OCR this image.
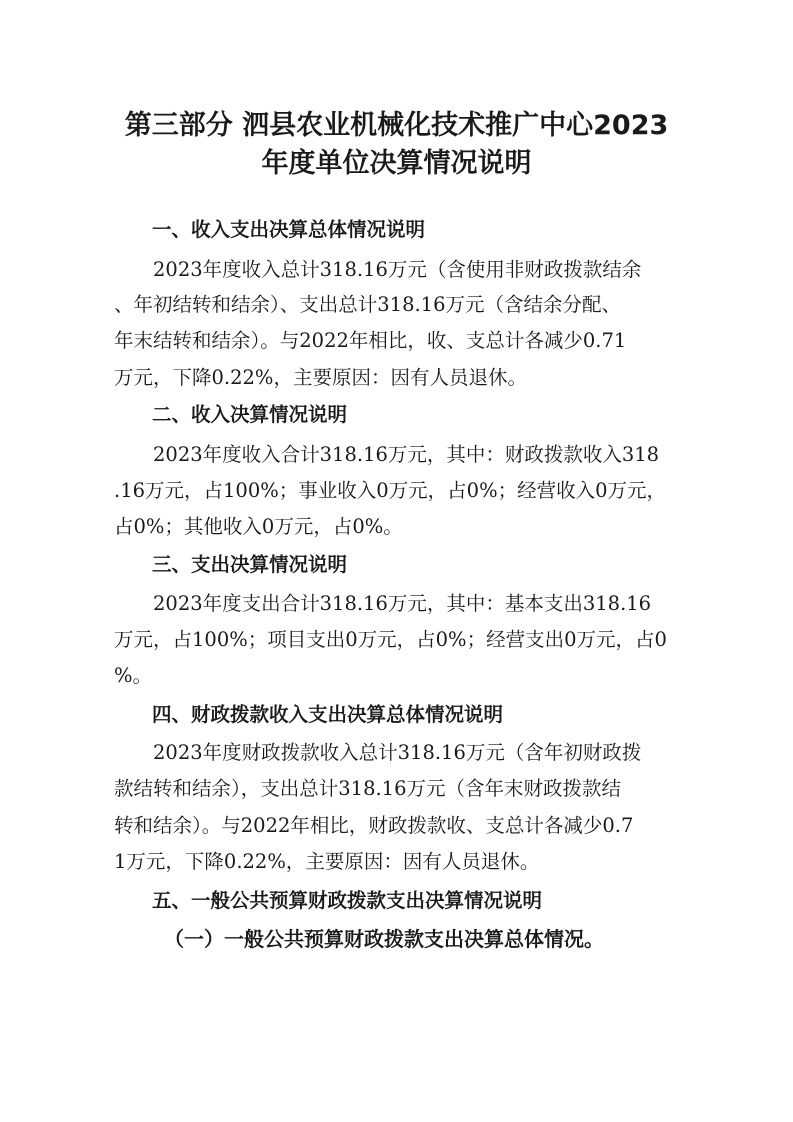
第三部分 泗县农业机械化技术推广中心2023
年度单位决算情况说明
一、收入支出决算总体情况说明
2023年度收入总计318.16万元（含使用非财政拨款结余
、年初结转和结余）、支出总计318.16万元（含结余分配、
年末结转和结余）。与2022年相比，收、支总计各减少0.71
万元，下降0.22%，主要原因：因有人员退休。
二、收入决算情况说明
2023年度收入合计318.16万元，其中：财政拨款收入318
.16万元，占100%；事业收入0万元，占0%；经营收入0万元，
占0%；其他收入0万元，占0%。
三、支出决算情况说明
2023年度支出合计318.16万元，其中：基本支出318.16
万元，占100%；项目支出0万元，占0%；经营支出0万元，占0
%。
四、财政拨款收入支出决算总体情况说明
2023年度财政拨款收入总计318.16万元（含年初财政拨
款结转和结余），支出总计318.16万元（含年末财政拨款结
转和结余）。与2022年相比，财政拨款收、支总计各减少0.7
1万元，下降0.22%，主要原因：因有人员退休。
五、一般公共预算财政拨款支出决算情况说明
（一）一般公共预算财政拨款支出决算总体情况。
